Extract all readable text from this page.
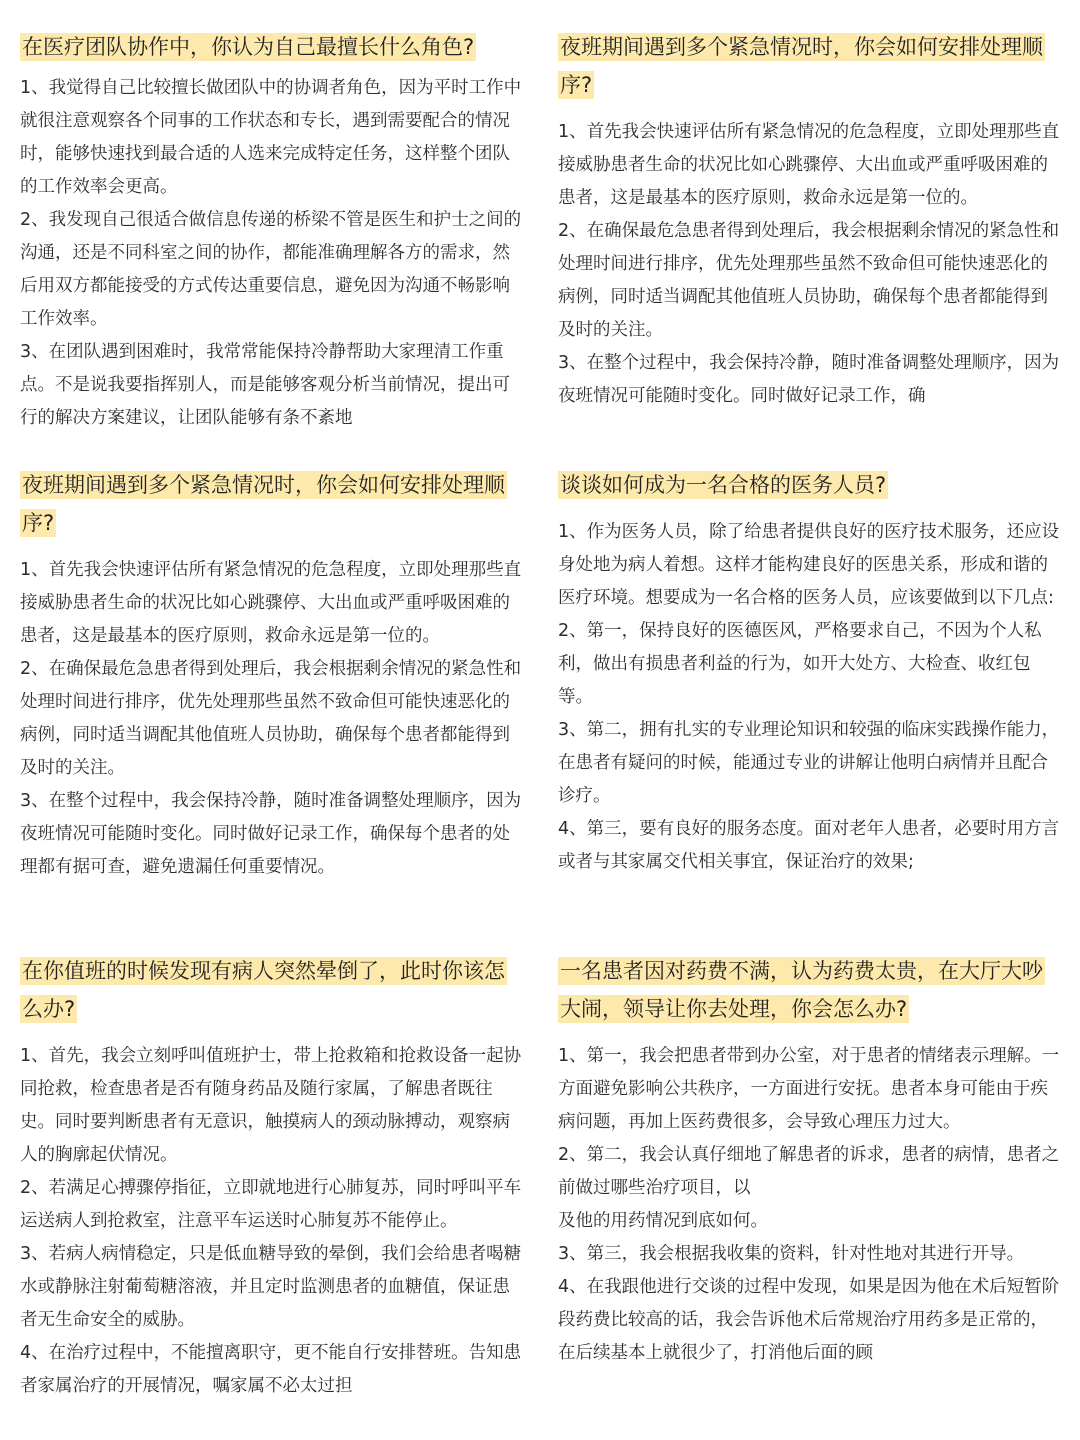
在医疗团队协作中，你认为自己最擅长什么角色?

1、我觉得自己比较擅长做团队中的协调者角色，因为平时工作中就很注意观察各个同事的工作状态和专长，遇到需要配合的情况时，能够快速找到最合适的人选来完成特定任务，这样整个团队的工作效率会更高。

2、我发现自己很适合做信息传递的桥梁不管是医生和护士之间的沟通，还是不同科室之间的协作，都能准确理解各方的需求，然后用双方都能接受的方式传达重要信息，避免因为沟通不畅影响工作效率。

3、在团队遇到困难时，我常常能保持冷静帮助大家理清工作重点。不是说我要指挥别人，而是能够客观分析当前情况，提出可行的解决方案建议，让团队能够有条不紊地

夜班期间遇到多个紧急情况时，你会如何安排处理顺序?

1、首先我会快速评估所有紧急情况的危急程度，立即处理那些直接威胁患者生命的状况比如心跳骤停、大出血或严重呼吸困难的患者，这是最基本的医疗原则，救命永远是第一位的。

2、在确保最危急患者得到处理后，我会根据剩余情况的紧急性和处理时间进行排序，优先处理那些虽然不致命但可能快速恶化的病例，同时适当调配其他值班人员协助，确保每个患者都能得到及时的关注。

3、在整个过程中，我会保持冷静，随时准备调整处理顺序，因为夜班情况可能随时变化。同时做好记录工作，确

夜班期间遇到多个紧急情况时，你会如何安排处理顺序?

1、首先我会快速评估所有紧急情况的危急程度，立即处理那些直接威胁患者生命的状况比如心跳骤停、大出血或严重呼吸困难的患者，这是最基本的医疗原则，救命永远是第一位的。

2、在确保最危急患者得到处理后，我会根据剩余情况的紧急性和处理时间进行排序，优先处理那些虽然不致命但可能快速恶化的病例，同时适当调配其他值班人员协助，确保每个患者都能得到及时的关注。

3、在整个过程中，我会保持冷静，随时准备调整处理顺序，因为夜班情况可能随时变化。同时做好记录工作，确保每个患者的处理都有据可查，避免遗漏任何重要情况。

谈谈如何成为一名合格的医务人员?

1、作为医务人员，除了给患者提供良好的医疗技术服务，还应设身处地为病人着想。这样才能构建良好的医患关系，形成和谐的医疗环境。想要成为一名合格的医务人员，应该要做到以下几点:

2、第一，保持良好的医德医风，严格要求自己，不因为个人私利，做出有损患者利益的行为，如开大处方、大检查、收红包等。

3、第二，拥有扎实的专业理论知识和较强的临床实践操作能力，在患者有疑问的时候，能通过专业的讲解让他明白病情并且配合诊疗。

4、第三，要有良好的服务态度。面对老年人患者，必要时用方言或者与其家属交代相关事宜，保证治疗的效果;

在你值班的时候发现有病人突然晕倒了，此时你该怎么办?

1、首先，我会立刻呼叫值班护士，带上抢救箱和抢救设备一起协同抢救，检查患者是否有随身药品及随行家属，了解患者既往史。同时要判断患者有无意识，触摸病人的颈动脉搏动，观察病人的胸廓起伏情况。

2、若满足心搏骤停指征，立即就地进行心肺复苏，同时呼叫平车运送病人到抢救室，注意平车运送时心肺复苏不能停止。

3、若病人病情稳定，只是低血糖导致的晕倒，我们会给患者喝糖水或静脉注射葡萄糖溶液，并且定时监测患者的血糖值，保证患者无生命安全的威胁。

4、在治疗过程中，不能擅离职守，更不能自行安排替班。告知患者家属治疗的开展情况，嘱家属不必太过担

一名患者因对药费不满，认为药费太贵，在大厅大吵大闹，领导让你去处理，你会怎么办?

1、第一，我会把患者带到办公室，对于患者的情绪表示理解。一方面避免影响公共秩序，一方面进行安抚。患者本身可能由于疾病问题，再加上医药费很多，会导致心理压力过大。

2、第二，我会认真仔细地了解患者的诉求，患者的病情，患者之前做过哪些治疗项目，以

及他的用药情况到底如何。

3、第三，我会根据我收集的资料，针对性地对其进行开导。

4、在我跟他进行交谈的过程中发现，如果是因为他在术后短暂阶段药费比较高的话，我会告诉他术后常规治疗用药多是正常的，在后续基本上就很少了，打消他后面的顾
